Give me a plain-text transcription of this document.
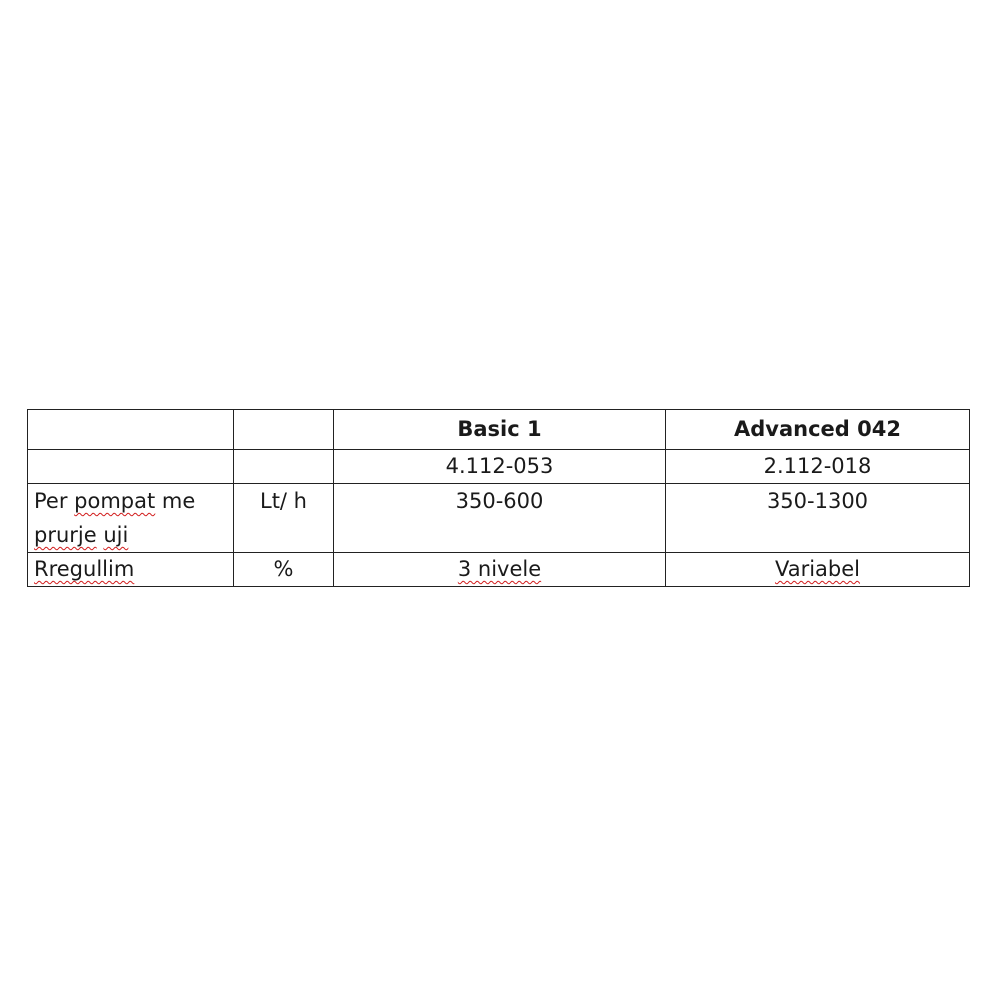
		Basic 1	Advanced 042
		4.112-053	2.112-018
Per pompat me
prurje uji	Lt/ h	350-600	350-1300
Rregullim	%	3 nivele	Variabel
